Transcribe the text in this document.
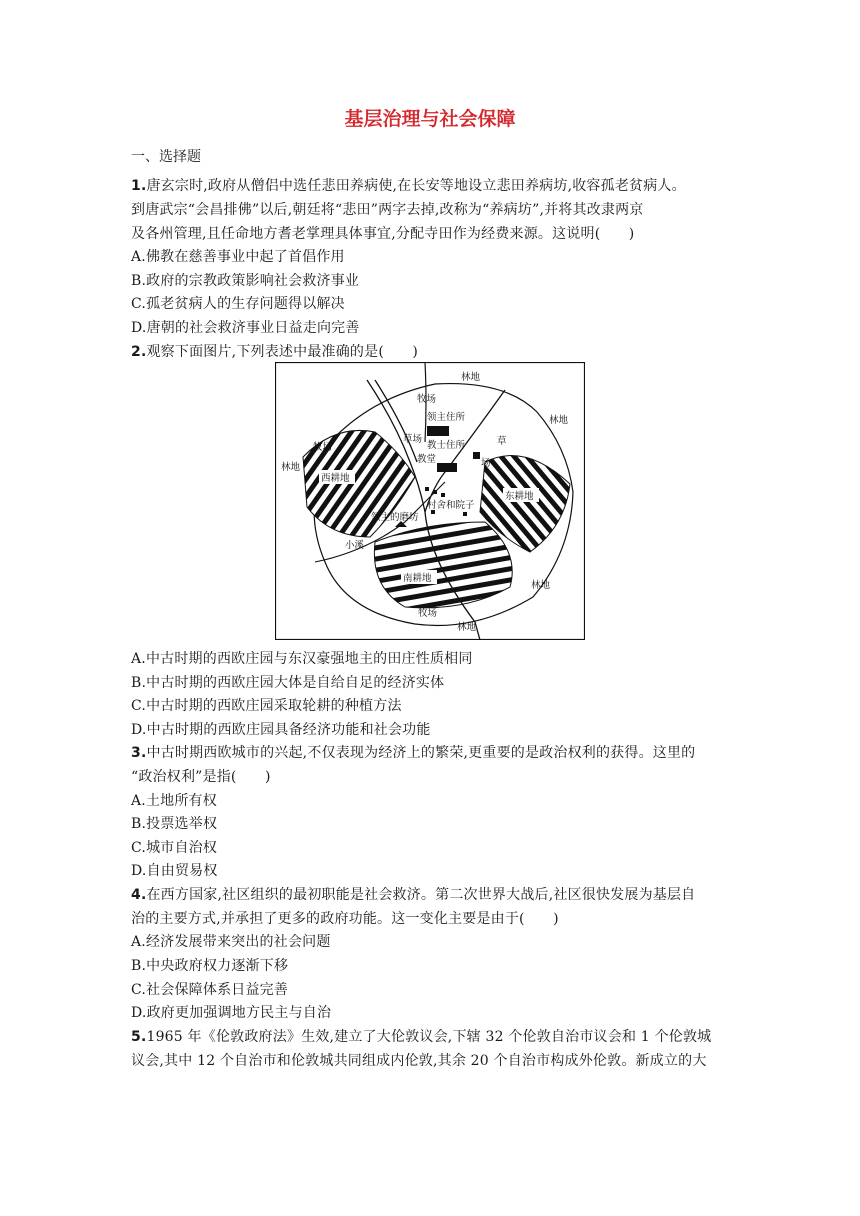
基层治理与社会保障
一、选择题
1.唐玄宗时,政府从僧侣中选任悲田养病使,在长安等地设立悲田养病坊,收容孤老贫病人。
到唐武宗“会昌排佛”以后,朝廷将“悲田”两字去掉,改称为“养病坊”,并将其改隶两京
及各州管理,且任命地方耆老掌理具体事宜,分配寺田作为经费来源。这说明(　　)
A.佛教在慈善事业中起了首倡作用
B.政府的宗教政策影响社会救济事业
C.孤老贫病人的生存问题得以解决
D.唐朝的社会救济事业日益走向完善
2.观察下面图片,下列表述中最准确的是(　　)
林地
林地
林地
林地
林地
牧场
牧场
牧场
领主住所
教士住所
教堂
草场	草
场
西耕地
东耕地
南耕地
村舍和院子
领主的磨坊
小溪
A.中古时期的西欧庄园与东汉豪强地主的田庄性质相同
B.中古时期的西欧庄园大体是自给自足的经济实体
C.中古时期的西欧庄园采取轮耕的种植方法
D.中古时期的西欧庄园具备经济功能和社会功能
3.中古时期西欧城市的兴起,不仅表现为经济上的繁荣,更重要的是政治权利的获得。这里的
“政治权利”是指(　　)
A.土地所有权
B.投票选举权
C.城市自治权
D.自由贸易权
4.在西方国家,社区组织的最初职能是社会救济。第二次世界大战后,社区很快发展为基层自
治的主要方式,并承担了更多的政府功能。这一变化主要是由于(　　)
A.经济发展带来突出的社会问题
B.中央政府权力逐渐下移
C.社会保障体系日益完善
D.政府更加强调地方民主与自治
5.1965 年《伦敦政府法》生效,建立了大伦敦议会,下辖 32 个伦敦自治市议会和 1 个伦敦城
议会,其中 12 个自治市和伦敦城共同组成内伦敦,其余 20 个自治市构成外伦敦。新成立的大
